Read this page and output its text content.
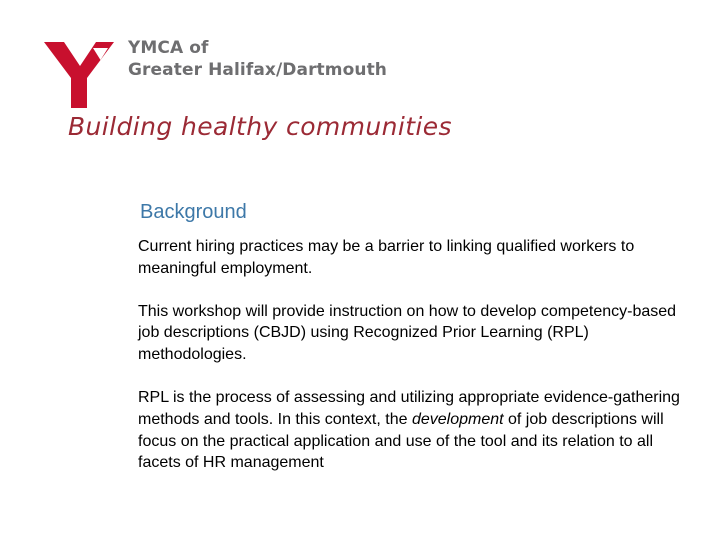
YMCA of
Greater Halifax/Dartmouth
Building healthy communities
Background

Current hiring practices may be a barrier to linking qualified workers to meaningful employment.

This workshop will provide instruction on how to develop competency-based job descriptions (CBJD) using Recognized Prior Learning (RPL) methodologies.

RPL is the process of assessing and utilizing appropriate evidence-gathering methods and tools. In this context, the development of job descriptions will focus on the practical application and use of the tool and its relation to all facets of HR management
